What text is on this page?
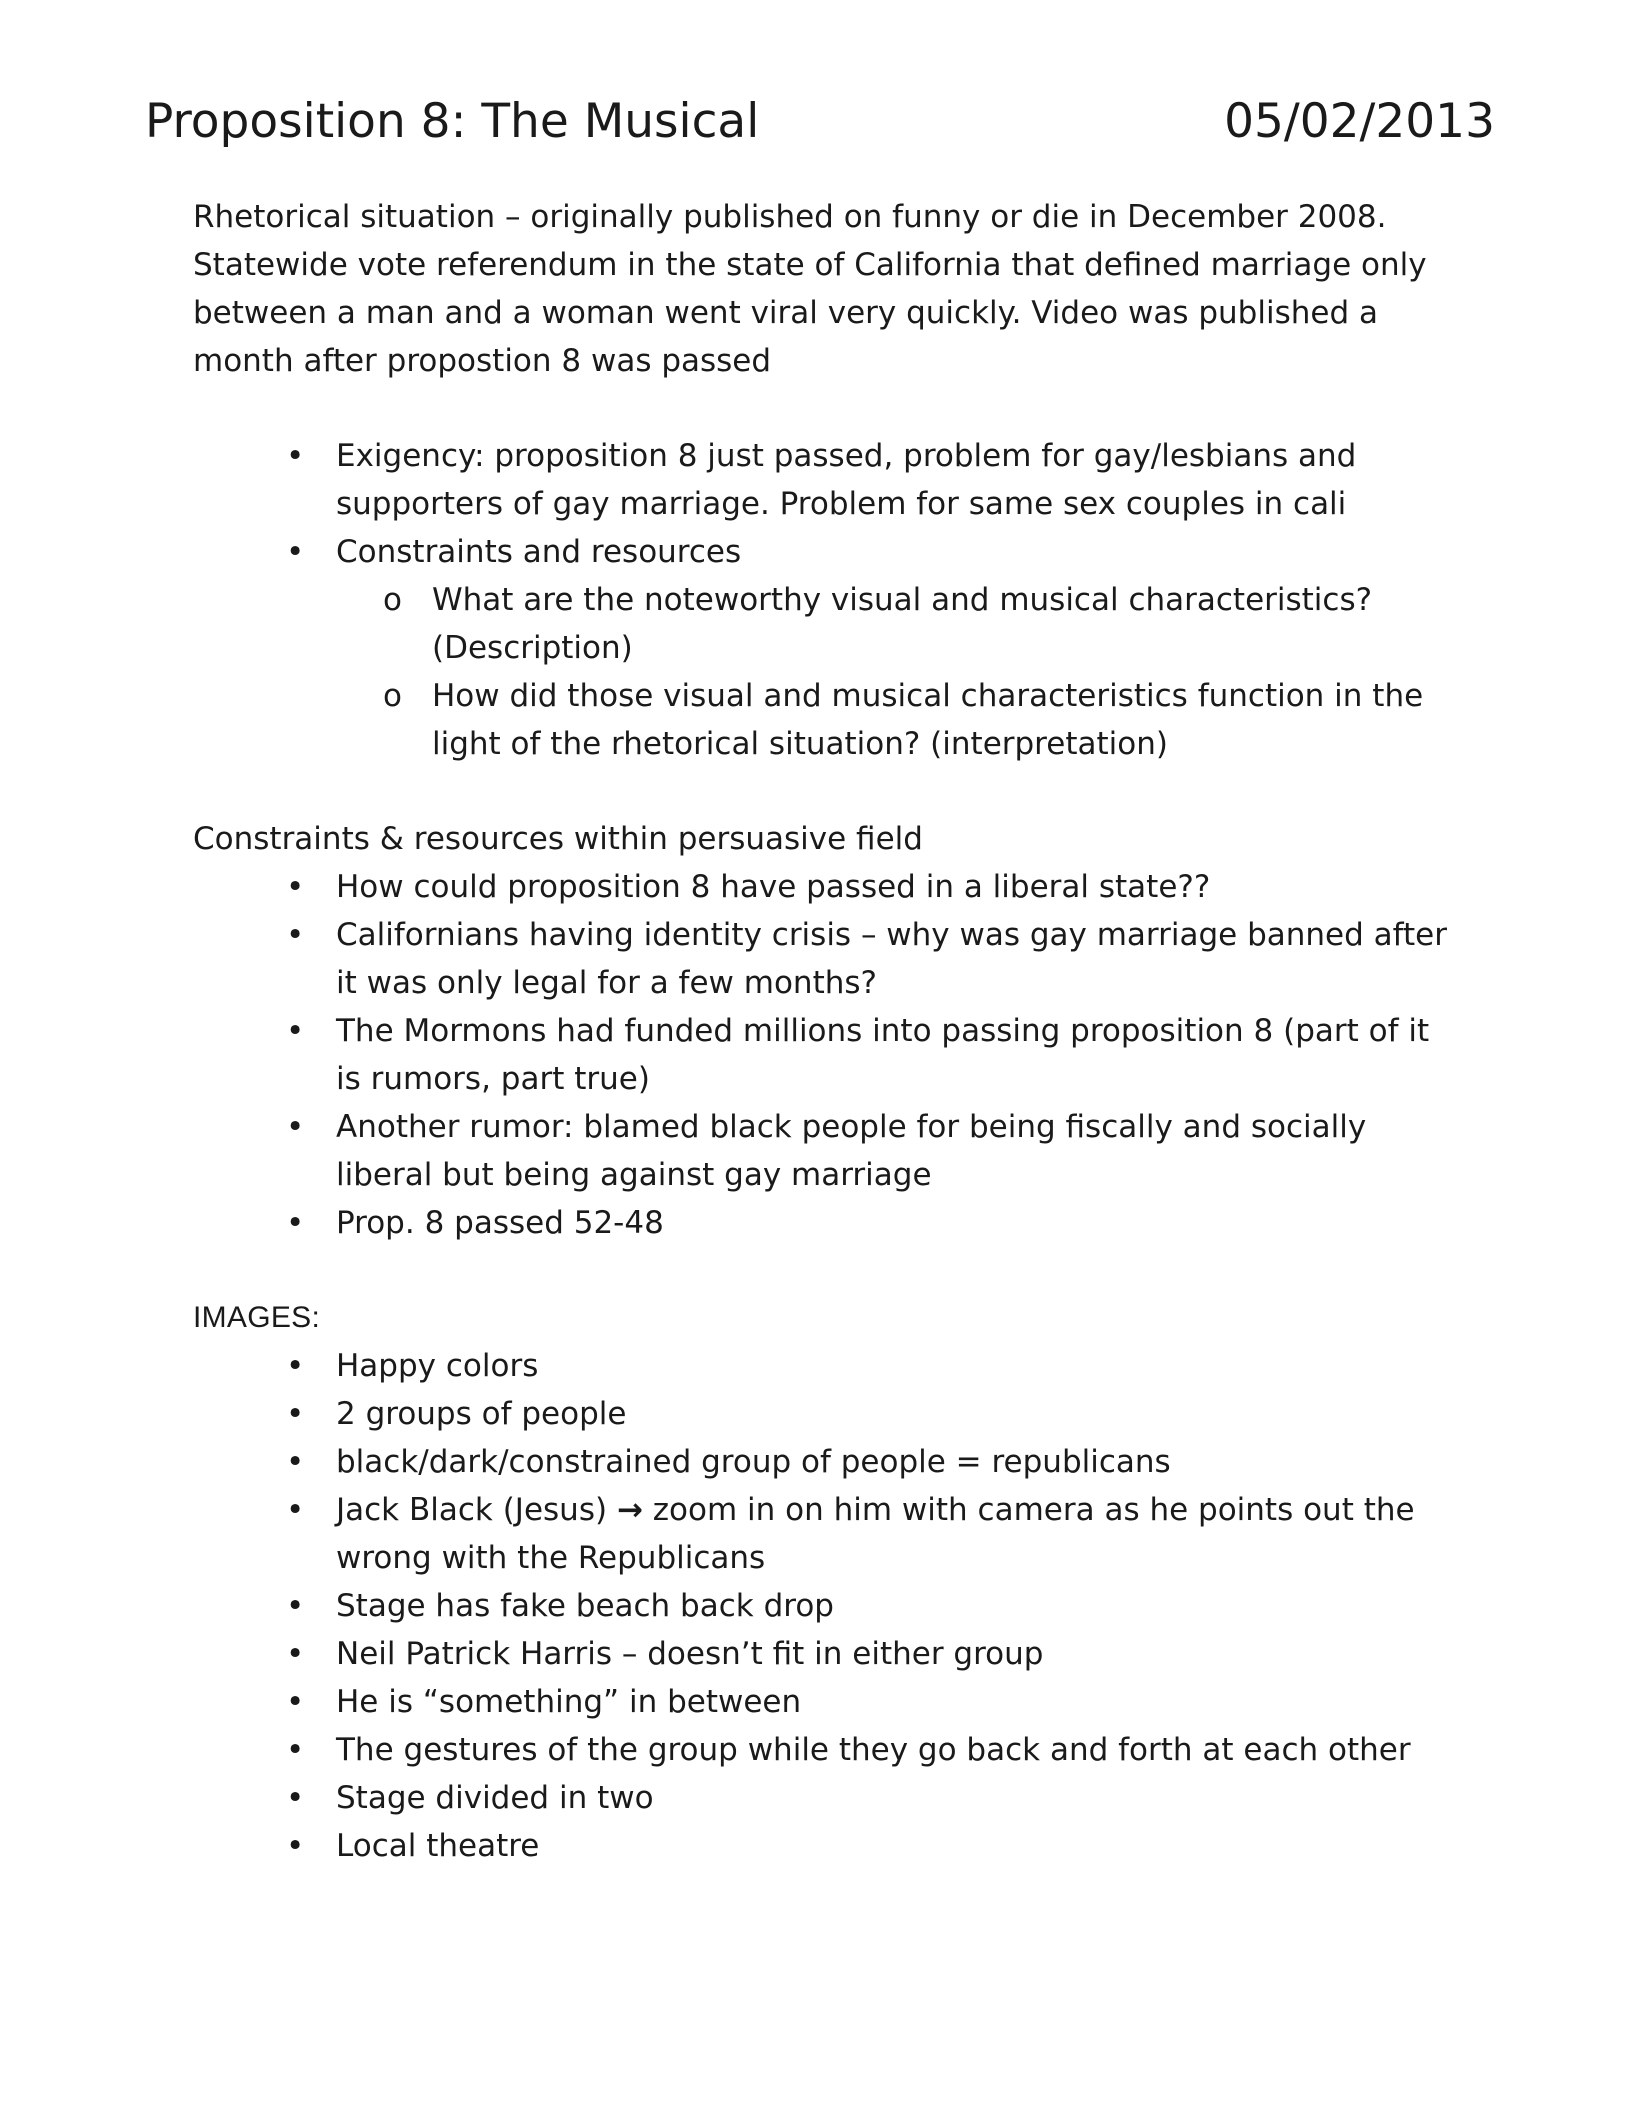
Proposition 8: The Musical	05/02/2013

Rhetorical situation – originally published on funny or die in December 2008. Statewide vote referendum in the state of California that defined marriage only between a man and a woman went viral very quickly. Video was published a month after propostion 8 was passed

• Exigency: proposition 8 just passed, problem for gay/lesbians and supporters of gay marriage. Problem for same sex couples in cali
• Constraints and resources
o What are the noteworthy visual and musical characteristics? (Description)
o How did those visual and musical characteristics function in the light of the rhetorical situation? (interpretation)

Constraints & resources within persuasive field

• How could proposition 8 have passed in a liberal state??
• Californians having identity crisis – why was gay marriage banned after it was only legal for a few months?
• The Mormons had funded millions into passing proposition 8 (part of it is rumors, part true)
• Another rumor: blamed black people for being fiscally and socially liberal but being against gay marriage
• Prop. 8 passed 52-48

IMAGES:

• Happy colors
• 2 groups of people
• black/dark/constrained group of people = republicans
• Jack Black (Jesus) → zoom in on him with camera as he points out the wrong with the Republicans
• Stage has fake beach back drop
• Neil Patrick Harris – doesn’t fit in either group
• He is “something” in between
• The gestures of the group while they go back and forth at each other
• Stage divided in two
• Local theatre
